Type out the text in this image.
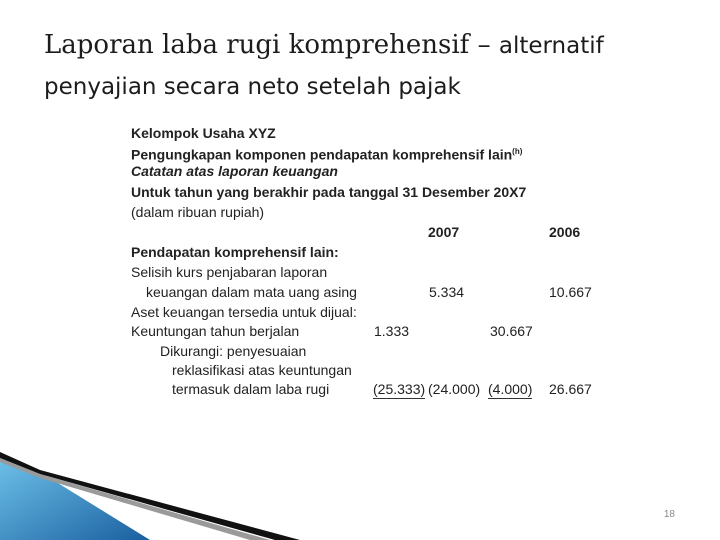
Laporan laba rugi komprehensif – alternatif
penyajian secara neto setelah pajak
Kelompok Usaha XYZ
Pengungkapan komponen pendapatan komprehensif lain$^{(h)}$
Catatan atas laporan keuangan
Untuk tahun yang berakhir pada tanggal 31 Desember 20X7
(dalam ribuan rupiah)
2007	2006
Pendapatan komprehensif lain:
Selisih kurs penjabaran laporan
keuangan dalam mata uang asing	5.334	10.667
Aset keuangan tersedia untuk dijual:
Keuntungan tahun berjalan	1.333	30.667
Dikurangi: penyesuaian
reklasifikasi atas keuntungan
termasuk dalam laba rugi	(25.333) (24.000) (4.000) 26.667
18
